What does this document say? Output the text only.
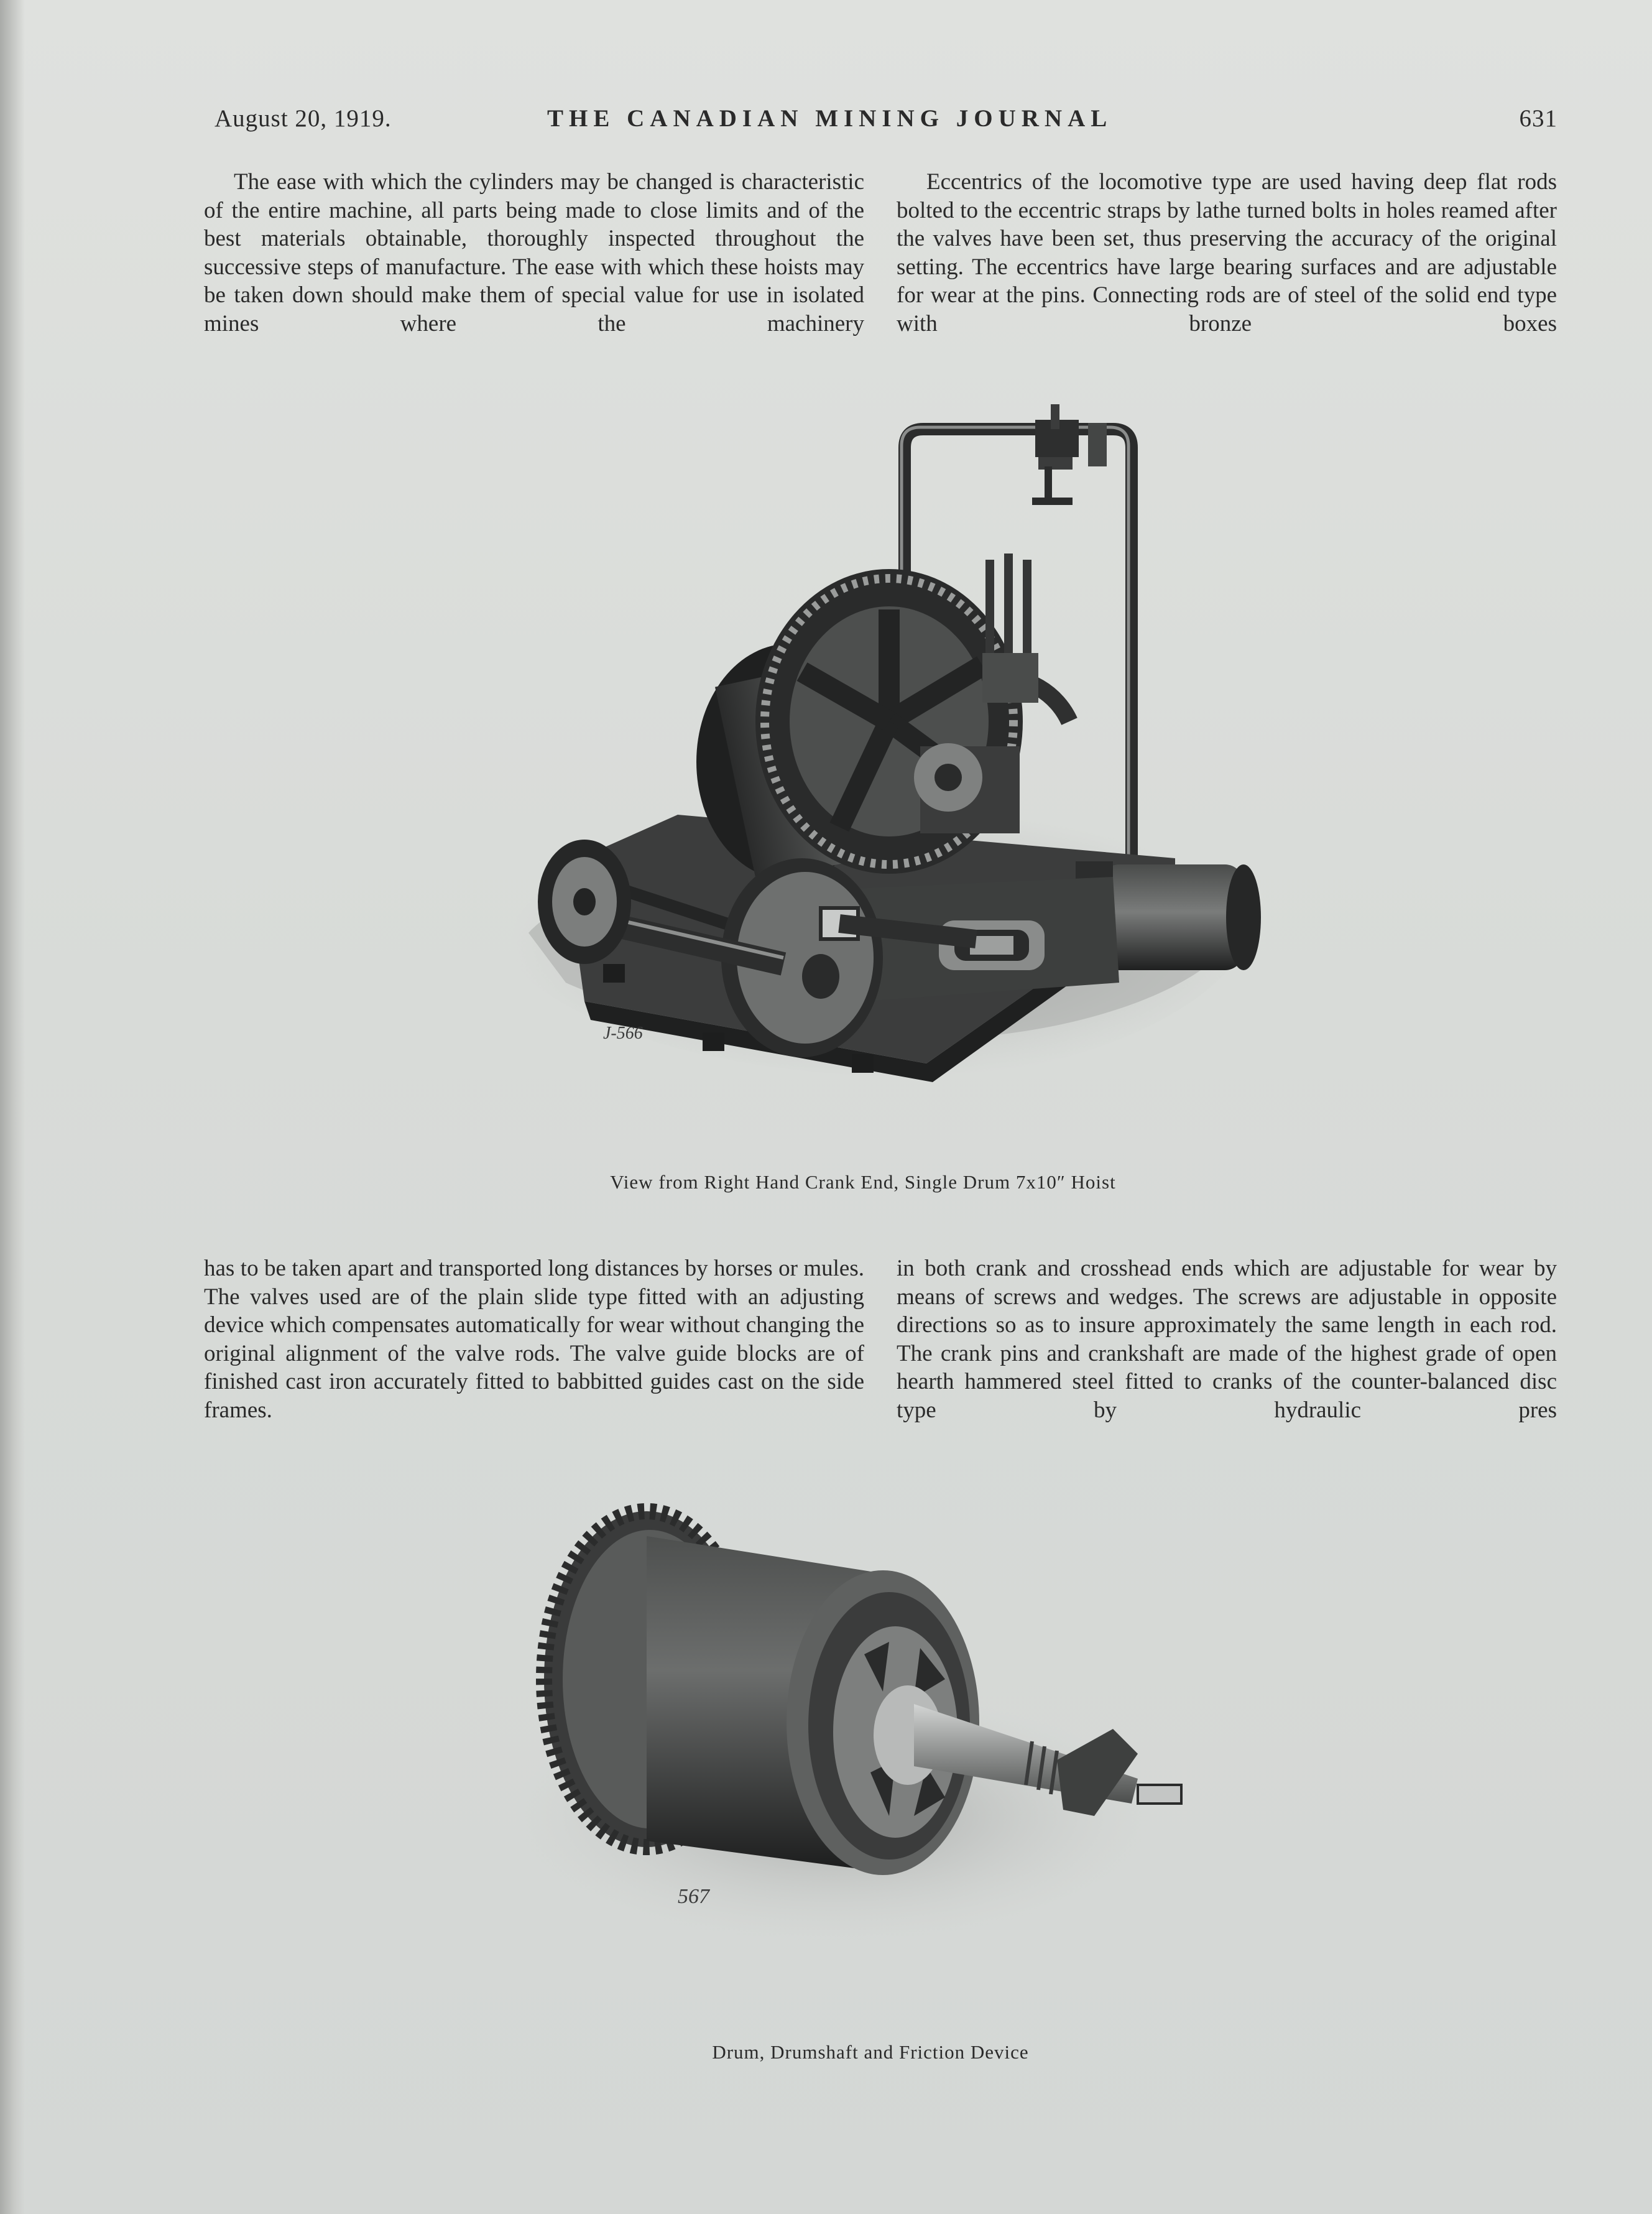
August 20, 1919.	THE CANADIAN MINING JOURNAL	631

The ease with which the cylinders may be changed is characteristic of the entire machine, all parts being made to close limits and of the best materials obtainable, thoroughly inspected throughout the successive steps of manufacture. The ease with which these hoists may be taken down should make them of special value for use in isolated mines where the machinery

Eccentrics of the locomotive type are used having deep flat rods bolted to the eccentric straps by lathe turned bolts in holes reamed after the valves have been set, thus preserving the accuracy of the original setting. The eccentrics have large bearing surfaces and are adjustable for wear at the pins. Connecting rods are of steel of the solid end type with bronze boxes

J-566
View from Right Hand Crank End, Single Drum 7x10″ Hoist

has to be taken apart and transported long distances by horses or mules. The valves used are of the plain slide type fitted with an adjusting device which compensates automatically for wear without changing the original alignment of the valve rods. The valve guide blocks are of finished cast iron accurately fitted to babbitted guides cast on the side frames.

in both crank and crosshead ends which are adjustable for wear by means of screws and wedges. The screws are adjustable in opposite directions so as to insure approximately the same length in each rod. The crank pins and crankshaft are made of the highest grade of open hearth hammered steel fitted to cranks of the counter-balanced disc type by hydraulic pres

567
Drum, Drumshaft and Friction Device
